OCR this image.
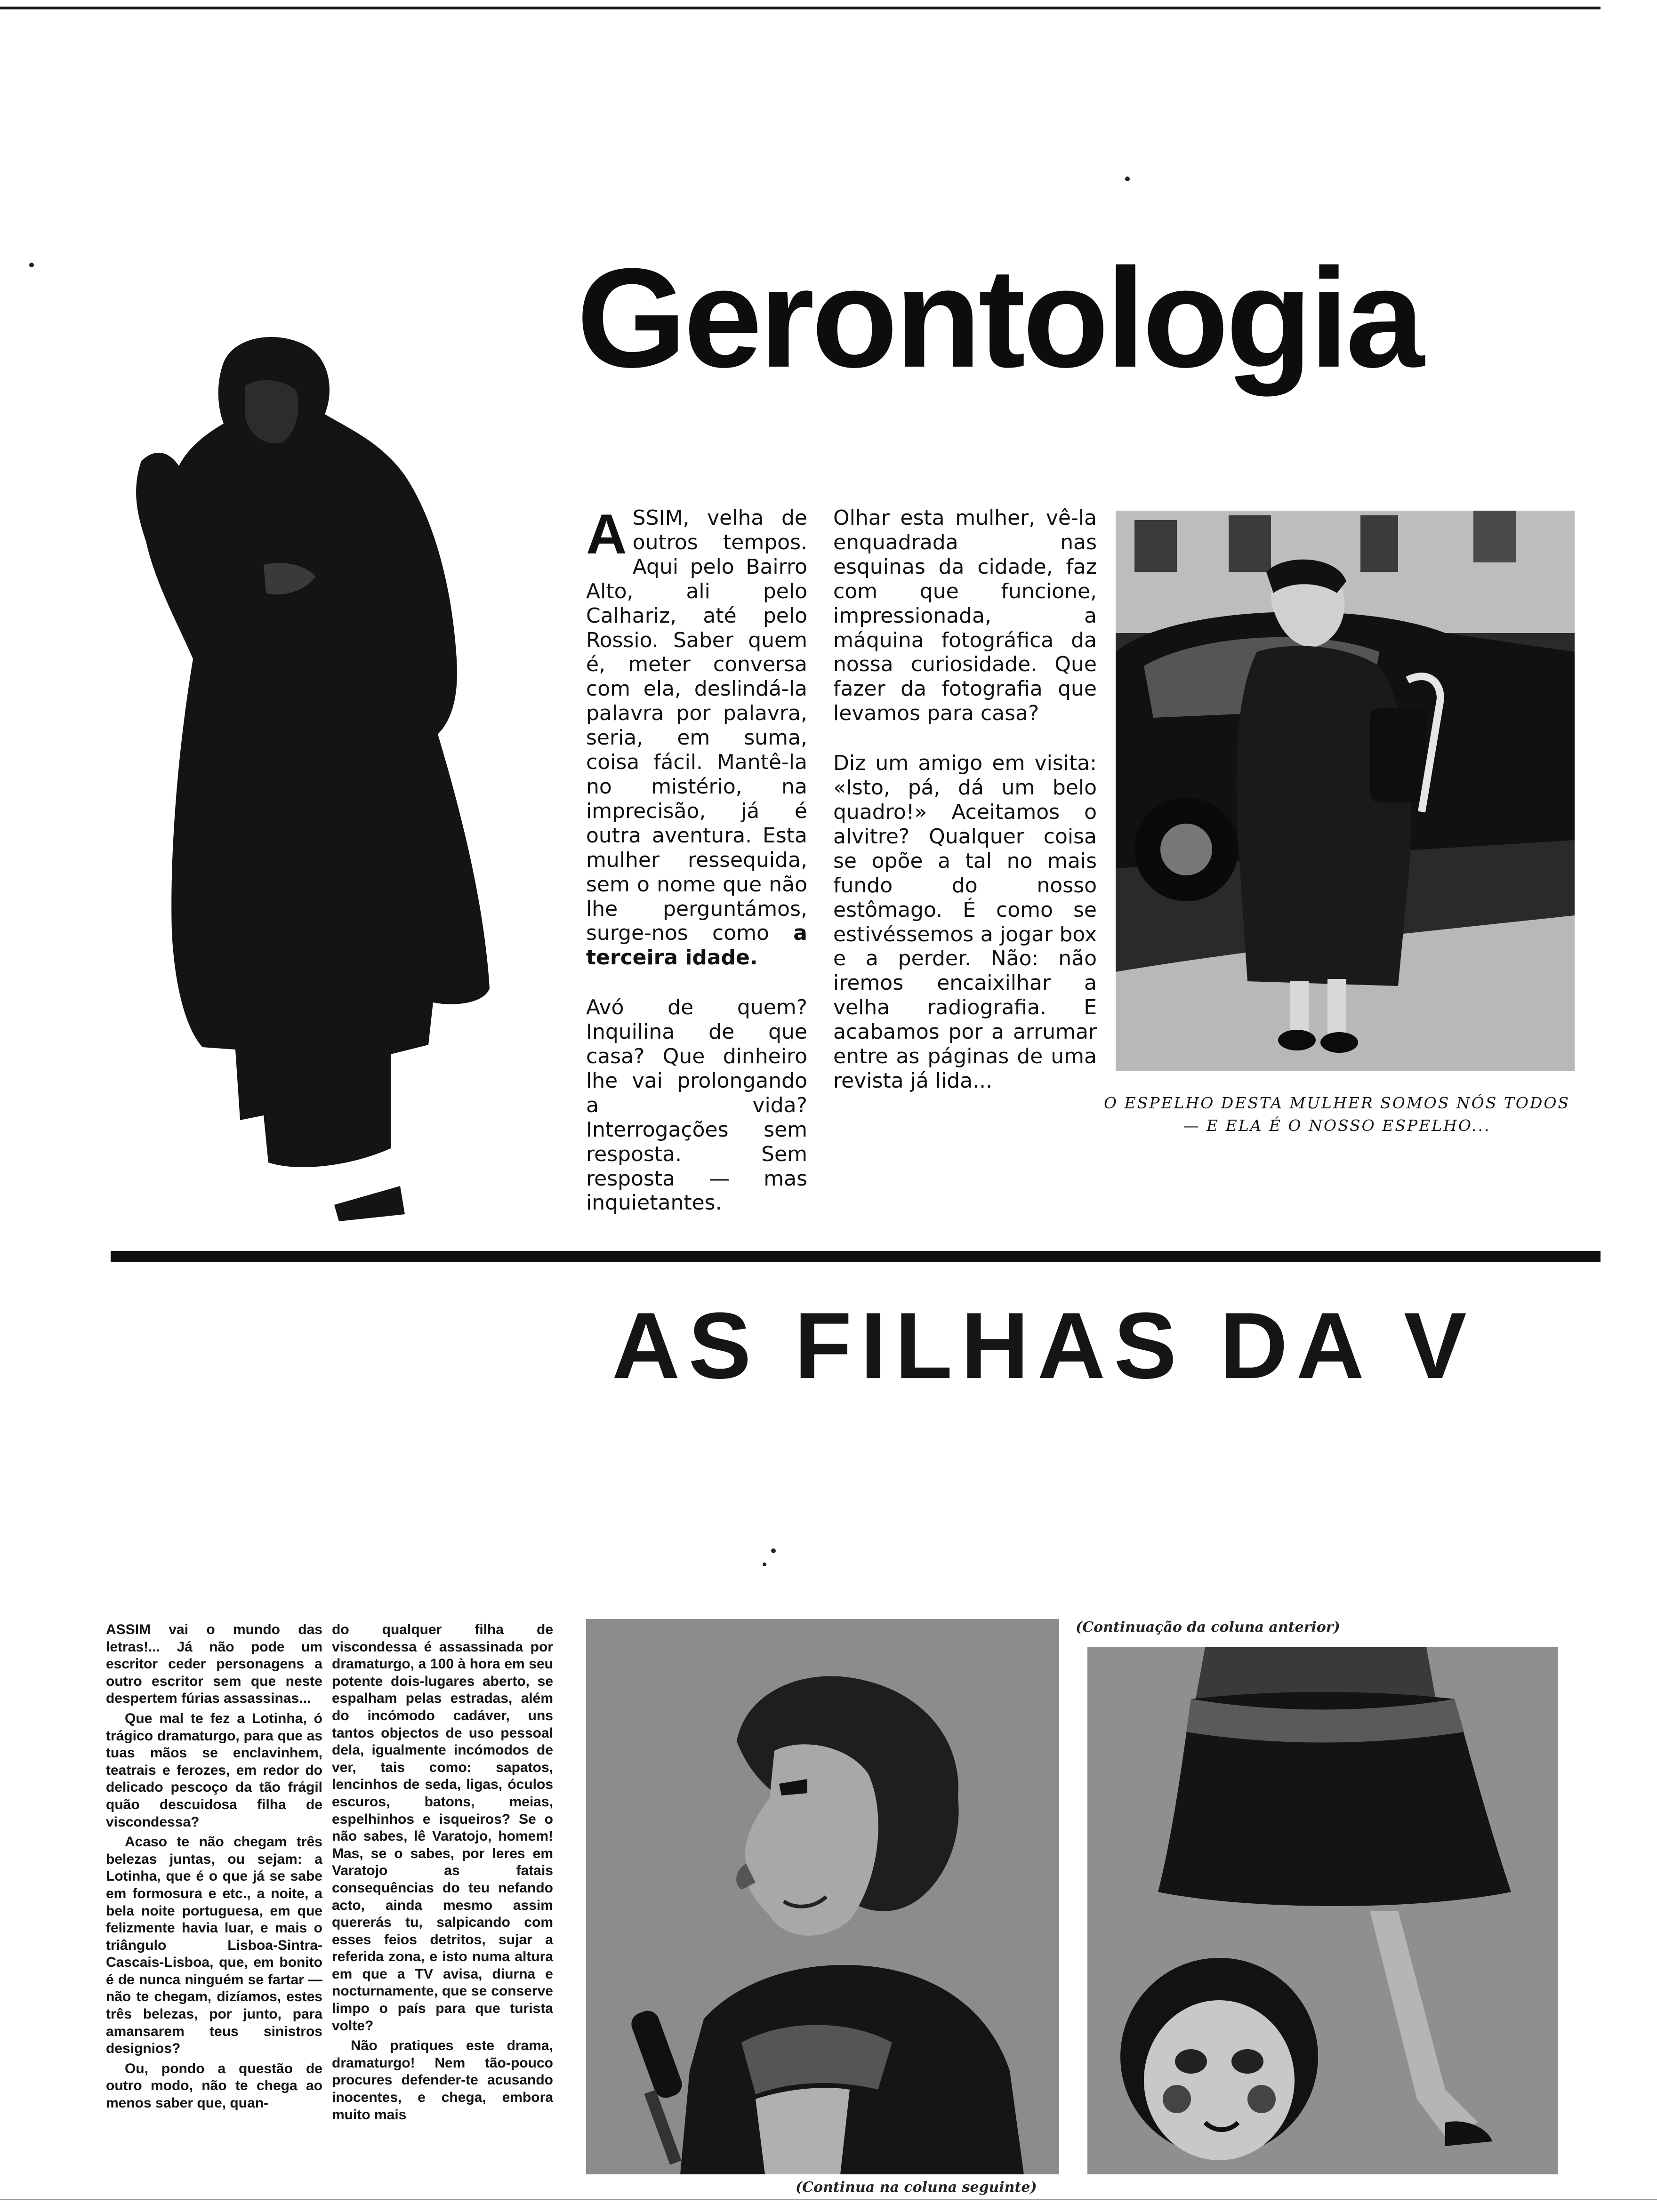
Gerontologia

ASSIM, velha de outros tempos. Aqui pelo Bairro Alto, ali pelo Calhariz, até pelo Rossio. Saber quem é, meter conversa com ela, deslindá-la palavra por palavra, seria, em suma, coisa fácil. Mantê-la no mistério, na imprecisão, já é outra aventura. Esta mulher ressequida, sem o nome que não lhe perguntámos, surge-nos como a terceira idade.

Avó de quem? Inquilina de que casa? Que dinheiro lhe vai prolongando a vida? Interrogações sem resposta. Sem resposta — mas inquietantes.

Olhar esta mulher, vê-la enquadrada nas esquinas da cidade, faz com que funcione, impressionada, a máquina fotográfica da nossa curiosidade. Que fazer da fotografia que levamos para casa?

Diz um amigo em visita: «Isto, pá, dá um belo quadro!» Aceitamos o alvitre? Qualquer coisa se opõe a tal no mais fundo do nosso estômago. É como se estivéssemos a jogar box e a perder. Não: não iremos encaixilhar a velha radiografia. E acabamos por a arrumar entre as páginas de uma revista já lida...

O ESPELHO DESTA MULHER SOMOS NÓS TODOS
— E ELA É O NOSSO ESPELHO...

AS FILHAS DA V

ASSIM vai o mundo das letras!... Já não pode um escritor ceder personagens a outro escritor sem que neste despertem fúrias assassinas...

Que mal te fez a Lotinha, ó trágico dramaturgo, para que as tuas mãos se enclavinhem, teatrais e ferozes, em redor do delicado pescoço da tão frágil quão descuidosa filha de viscondessa?

Acaso te não chegam três belezas juntas, ou sejam: a Lotinha, que é o que já se sabe em formosura e etc., a noite, a bela noite portuguesa, em que felizmente havia luar, e mais o triângulo Lisboa-Sintra-Cascais-Lisboa, que, em bonito é de nunca ninguém se fartar — não te chegam, dizíamos, estes três belezas, por junto, para amansarem teus sinistros designios?

Ou, pondo a questão de outro modo, não te chega ao menos saber que, quan-

do qualquer filha de viscondessa é assassinada por dramaturgo, a 100 à hora em seu potente dois-lugares aberto, se espalham pelas estradas, além do incómodo cadáver, uns tantos objectos de uso pessoal dela, igualmente incómodos de ver, tais como: sapatos, lencinhos de seda, ligas, óculos escuros, batons, meias, espelhinhos e isqueiros? Se o não sabes, lê Varatojo, homem! Mas, se o sabes, por leres em Varatojo as fatais consequências do teu nefando acto, ainda mesmo assim quererás tu, salpicando com esses feios detritos, sujar a referida zona, e isto numa altura em que a TV avisa, diurna e nocturnamente, que se conserve limpo o país para que turista volte?

Não pratiques este drama, dramaturgo! Nem tão-pouco procures defender-te acusando inocentes, e chega, embora muito mais

(Continuação da coluna anterior)

(Continua na coluna seguinte)
